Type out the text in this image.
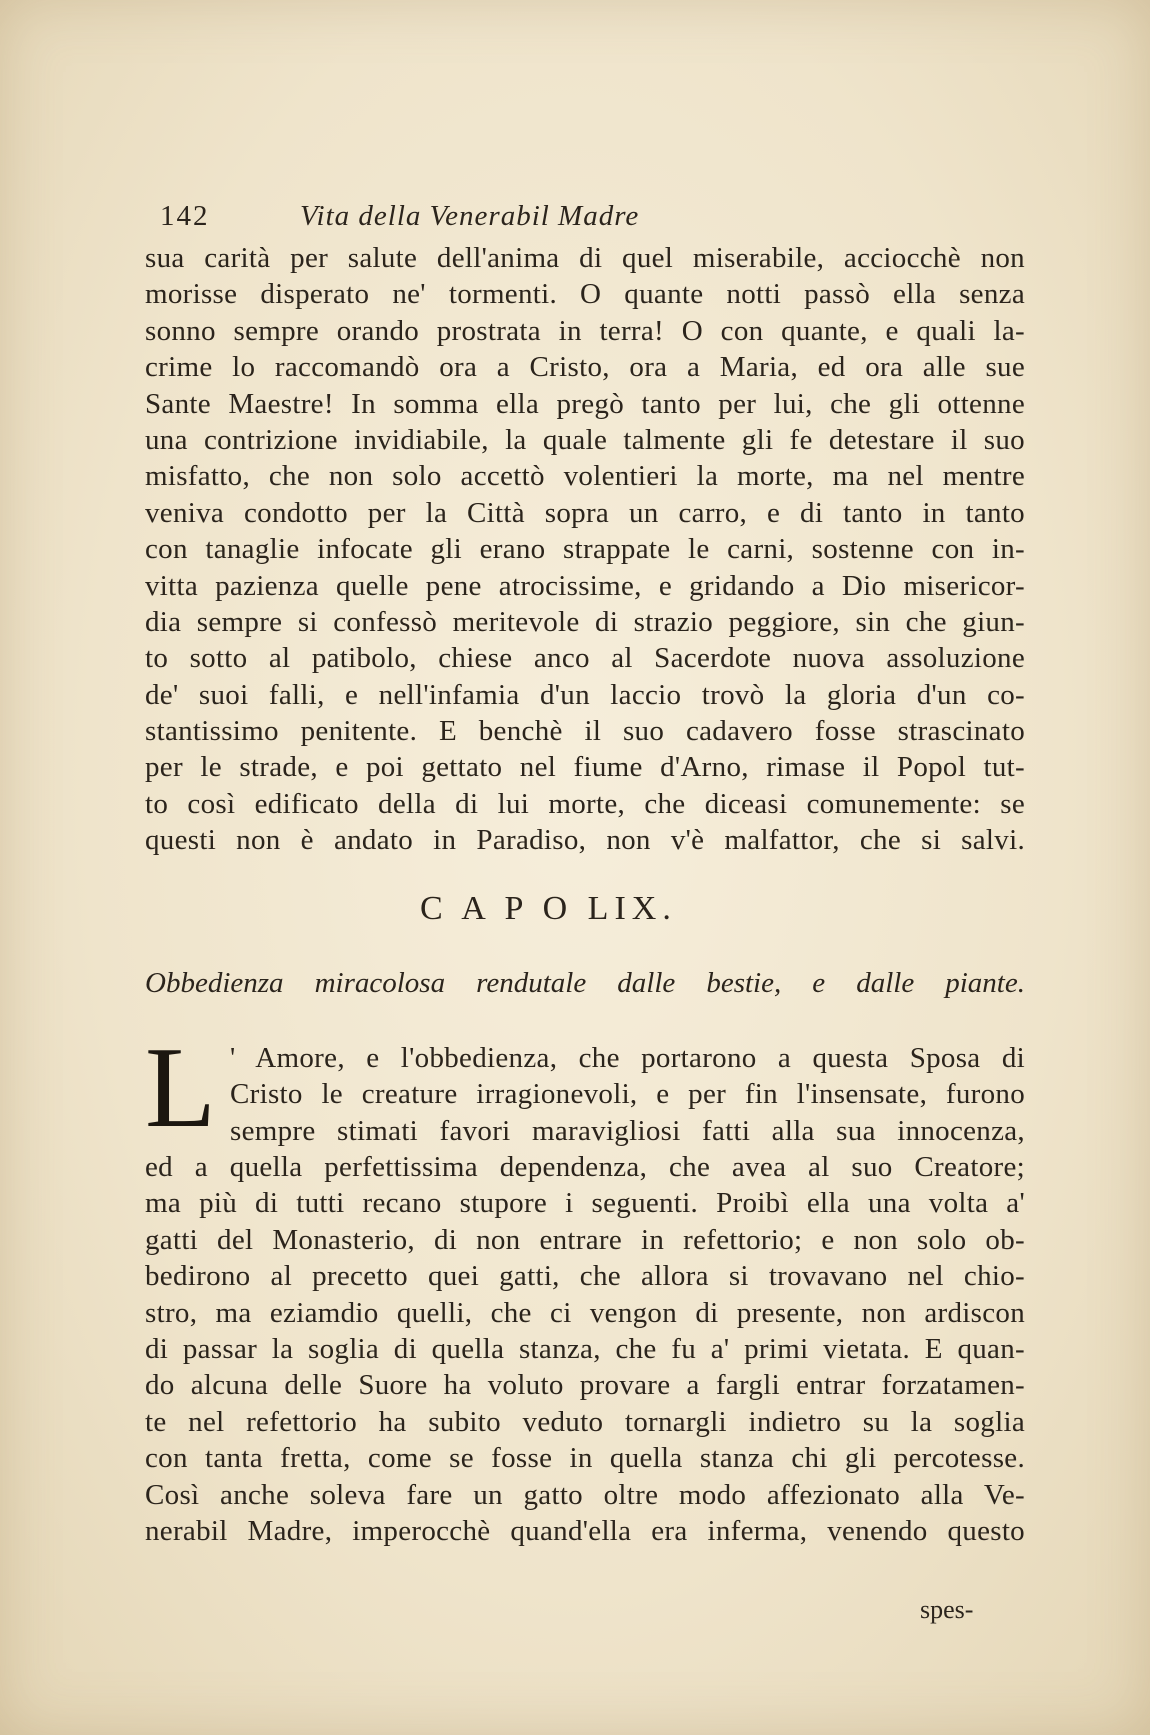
142	Vita della Venerabil Madre
sua carità per salute dell'anima di quel miserabile, acciocchè non
morisse disperato ne' tormenti. O quante notti passò ella senza
sonno sempre orando prostrata in terra! O con quante, e quali la-
crime lo raccomandò ora a Cristo, ora a Maria, ed ora alle sue
Sante Maestre! In somma ella pregò tanto per lui, che gli ottenne
una contrizione invidiabile, la quale talmente gli fe detestare il suo
misfatto, che non solo accettò volentieri la morte, ma nel mentre
veniva condotto per la Città sopra un carro, e di tanto in tanto
con tanaglie infocate gli erano strappate le carni, sostenne con in-
vitta pazienza quelle pene atrocissime, e gridando a Dio misericor-
dia sempre si confessò meritevole di strazio peggiore, sin che giun-
to sotto al patibolo, chiese anco al Sacerdote nuova assoluzione
de' suoi falli, e nell'infamia d'un laccio trovò la gloria d'un co-
stantissimo penitente. E benchè il suo cadavero fosse strascinato
per le strade, e poi gettato nel fiume d'Arno, rimase il Popol tut-
to così edificato della di lui morte, che diceasi comunemente: se
questi non è andato in Paradiso, non v'è malfattor, che si salvi.
C A P O LIX.
Obbedienza miracolosa rendutale dalle bestie, e dalle piante.
L ' Amore, e l'obbedienza, che portarono a questa Sposa di
Cristo le creature irragionevoli, e per fin l'insensate, furono
sempre stimati favori maravigliosi fatti alla sua innocenza,
ed a quella perfettissima dependenza, che avea al suo Creatore;
ma più di tutti recano stupore i seguenti. Proibì ella una volta a'
gatti del Monasterio, di non entrare in refettorio; e non solo ob-
bedirono al precetto quei gatti, che allora si trovavano nel chio-
stro, ma eziamdio quelli, che ci vengon di presente, non ardiscon
di passar la soglia di quella stanza, che fu a' primi vietata. E quan-
do alcuna delle Suore ha voluto provare a fargli entrar forzatamen-
te nel refettorio ha subito veduto tornargli indietro su la soglia
con tanta fretta, come se fosse in quella stanza chi gli percotesse.
Così anche soleva fare un gatto oltre modo affezionato alla Ve-
nerabil Madre, imperocchè quand'ella era inferma, venendo questo
spes-
